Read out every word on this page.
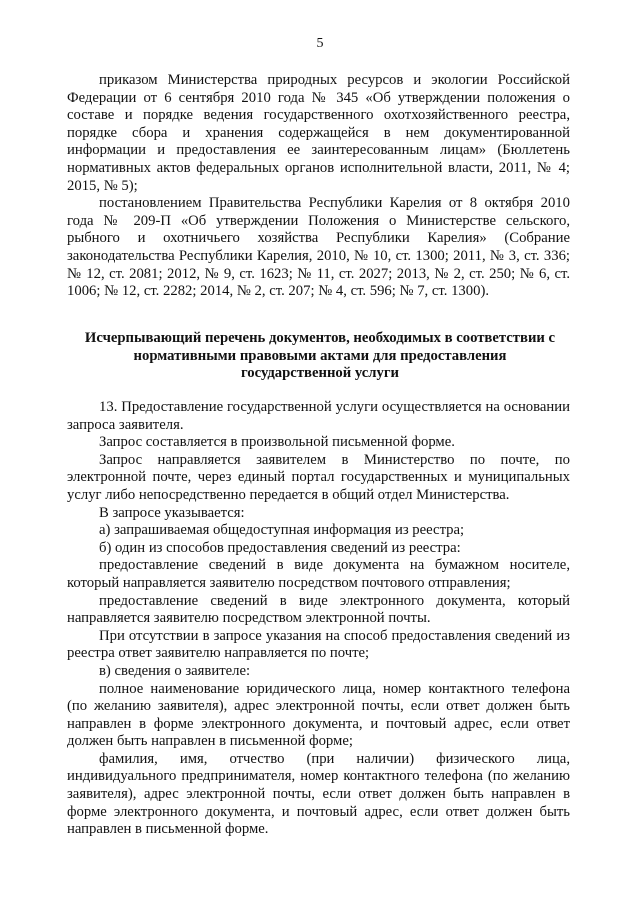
5

приказом Министерства природных ресурсов и экологии Российской Федерации от 6 сентября 2010 года № 345 «Об утверждении положения о составе и порядке ведения государственного охотхозяйственного реестра, порядке сбора и хранения содержащейся в нем документированной информации и предоставления ее заинтересованным лицам» (Бюллетень нормативных актов федеральных органов исполнительной власти, 2011, № 4; 2015, № 5);

постановлением Правительства Республики Карелия от 8 октября 2010 года № 209-П «Об утверждении Положения о Министерстве сельского, рыбного и охотничьего хозяйства Республики Карелия» (Собрание законодательства Республики Карелия, 2010, № 10, ст. 1300; 2011, № 3, ст. 336; № 12, ст. 2081; 2012, № 9, ст. 1623; № 11, ст. 2027; 2013, № 2, ст. 250; № 6, ст. 1006; № 12, ст. 2282; 2014, № 2, ст. 207; № 4, ст. 596; № 7, ст. 1300).

Исчерпывающий перечень документов, необходимых в соответствии с
нормативными правовыми актами для предоставления
государственной услуги

13. Предоставление государственной услуги осуществляется на основании запроса заявителя.

Запрос составляется в произвольной письменной форме.

Запрос направляется заявителем в Министерство по почте, по электронной почте, через единый портал государственных и муниципальных услуг либо непосредственно передается в общий отдел Министерства.

В запросе указывается:

а) запрашиваемая общедоступная информация из реестра;

б) один из способов предоставления сведений из реестра:

предоставление сведений в виде документа на бумажном носителе, который направляется заявителю посредством почтового отправления;

предоставление сведений в виде электронного документа, который направляется заявителю посредством электронной почты.

При отсутствии в запросе указания на способ предоставления сведений из реестра ответ заявителю направляется по почте;

в) сведения о заявителе:

полное наименование юридического лица, номер контактного телефона (по желанию заявителя), адрес электронной почты, если ответ должен быть направлен в форме электронного документа, и почтовый адрес, если ответ должен быть направлен в письменной форме;

фамилия, имя, отчество (при наличии) физического лица, индивидуального предпринимателя, номер контактного телефона (по желанию заявителя), адрес электронной почты, если ответ должен быть направлен в форме электронного документа, и почтовый адрес, если ответ должен быть направлен в письменной форме.
